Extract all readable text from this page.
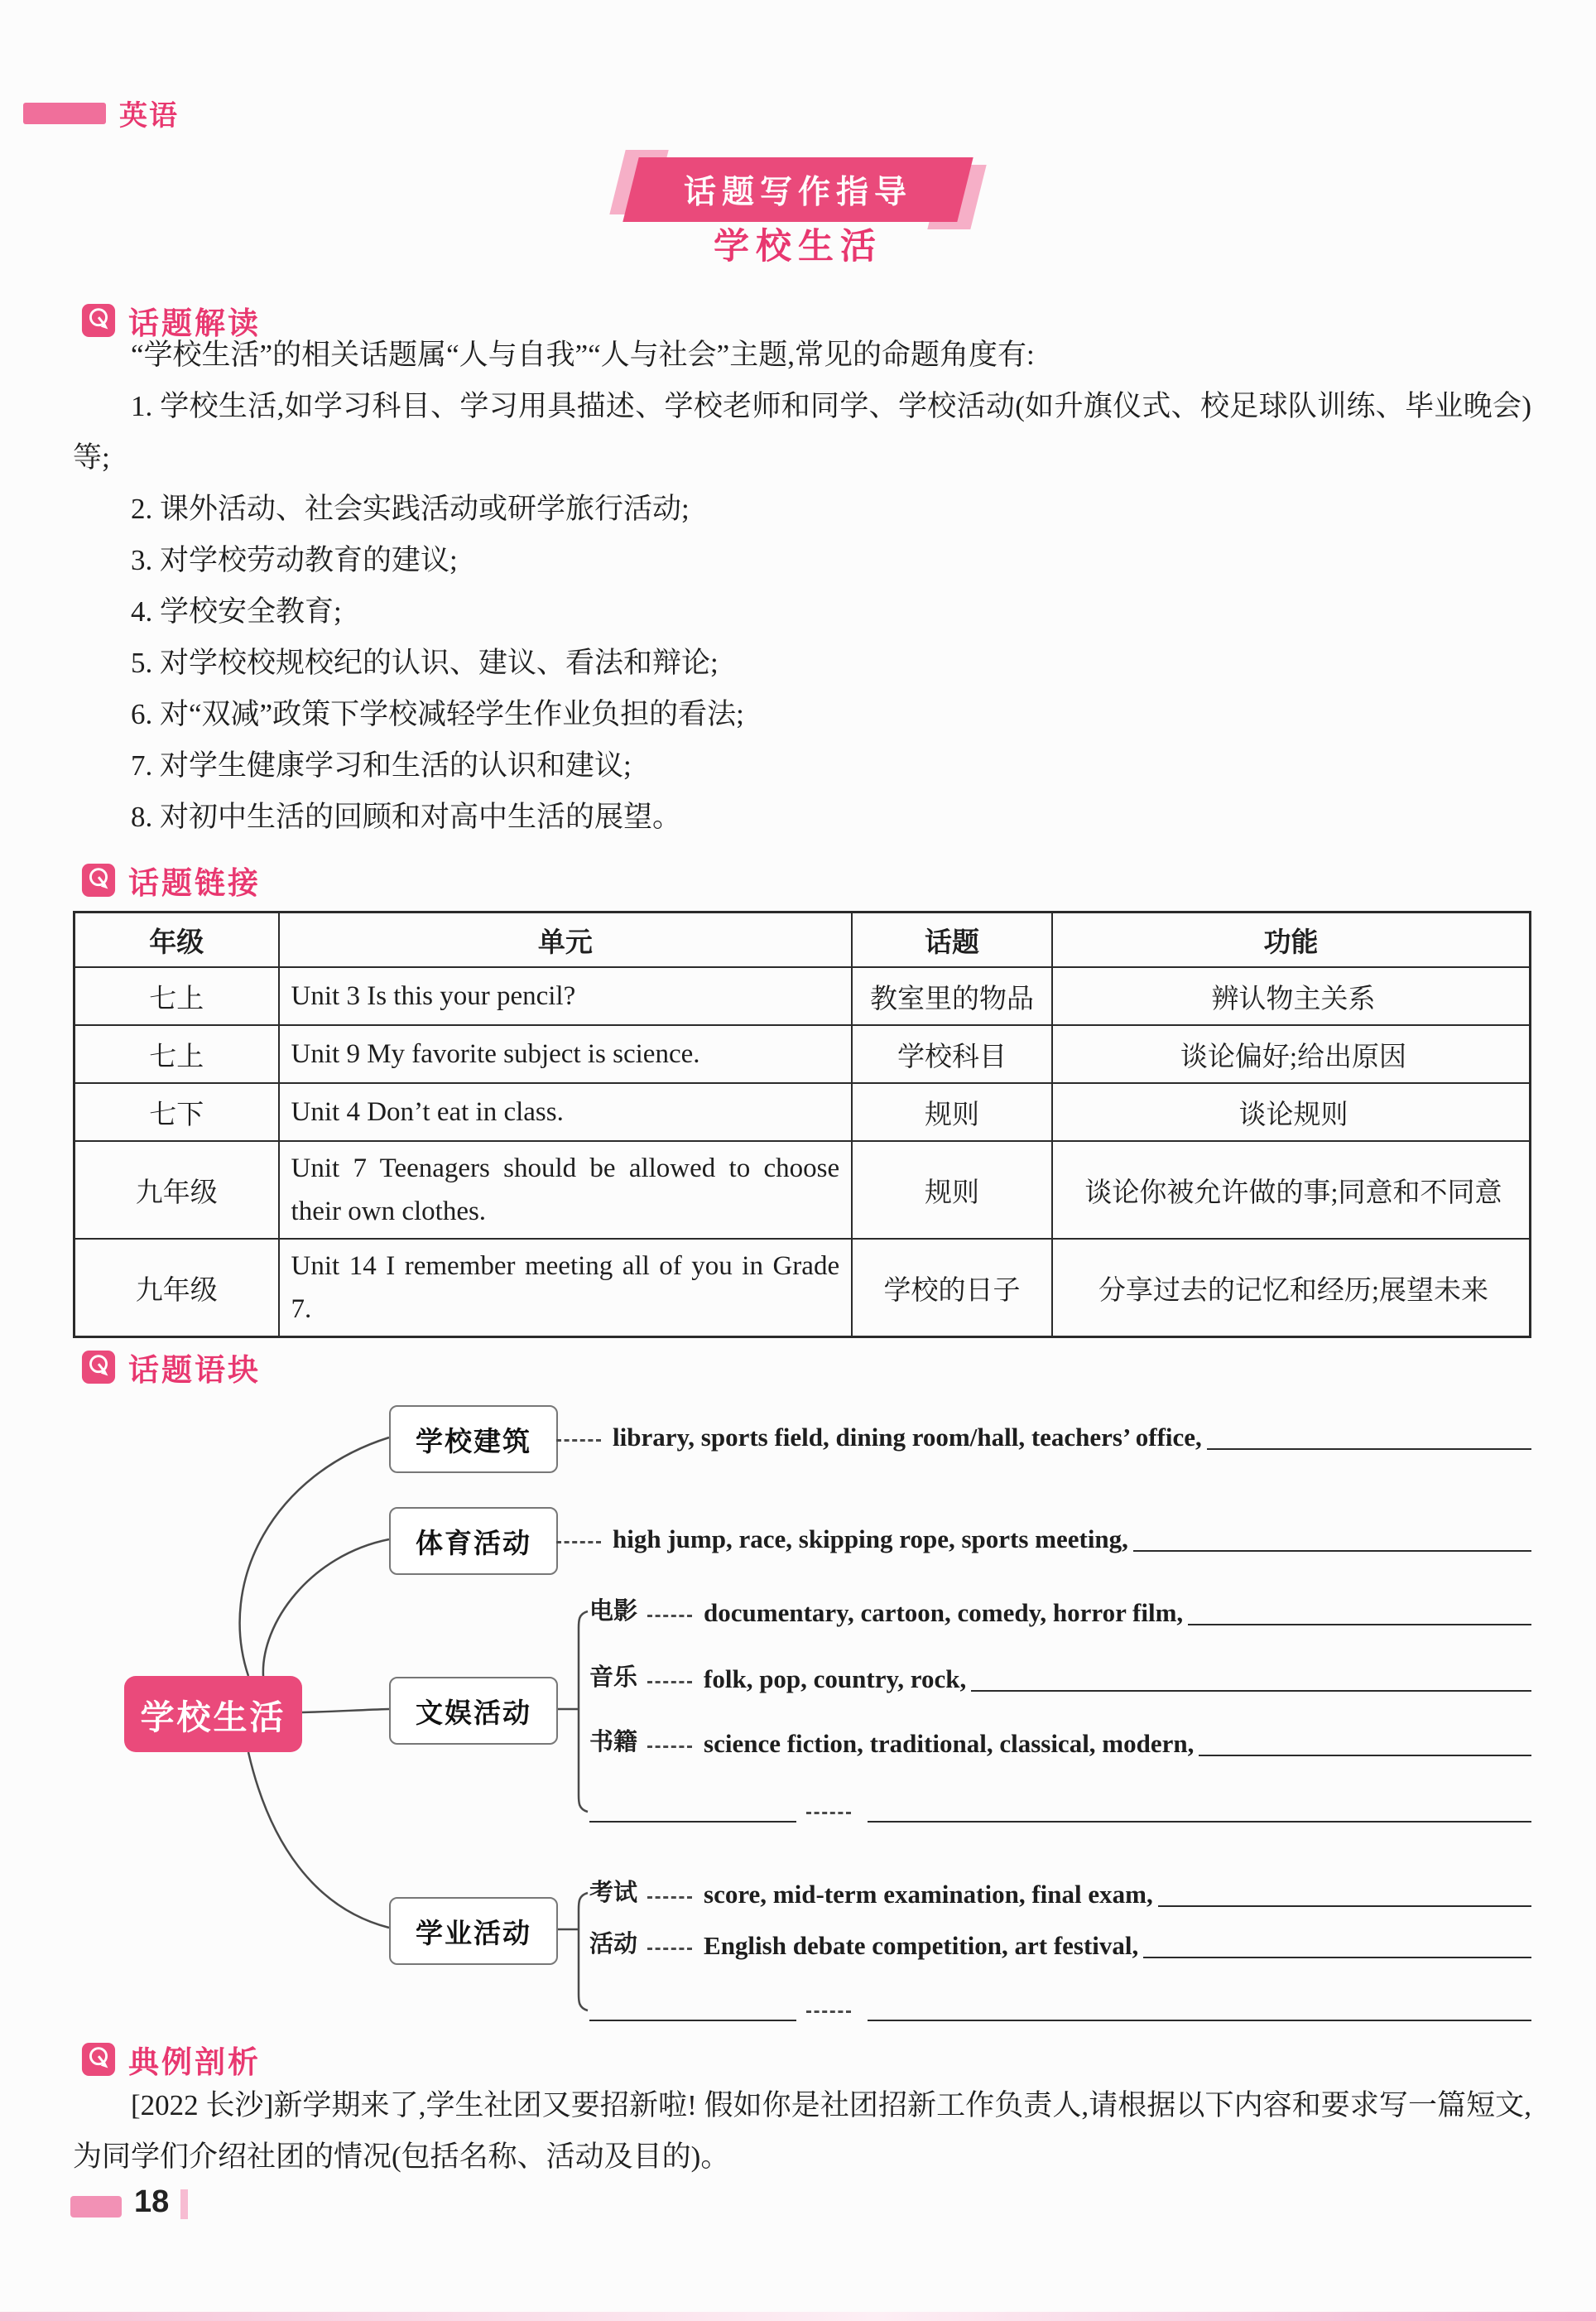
英语
话题写作指导
学校生活
话题解读

“学校生活”的相关话题属“人与自我”“人与社会”主题,常见的命题角度有:

1. 学校生活,如学习科目、学习用具描述、学校老师和同学、学校活动(如升旗仪式、校足球队训练、毕业晚会)等;

2. 课外活动、社会实践活动或研学旅行活动;

3. 对学校劳动教育的建议;

4. 学校安全教育;

5. 对学校校规校纪的认识、建议、看法和辩论;

6. 对“双减”政策下学校减轻学生作业负担的看法;

7. 对学生健康学习和生活的认识和建议;

8. 对初中生活的回顾和对高中生活的展望。

话题链接
年级	单元	话题	功能
七上	Unit 3 Is this your pencil?	教室里的物品	辨认物主关系
七上	Unit 9 My favorite subject is science.	学校科目	谈论偏好;给出原因
七下	Unit 4 Don’t eat in class.	规则	谈论规则
九年级	Unit 7 Teenagers should be allowed to choose their own clothes.	规则	谈论你被允许做的事;同意和不同意
九年级	Unit 14 I remember meeting all of you in Grade 7.	学校的日子	分享过去的记忆和经历;展望未来
话题语块
学校生活
学校建筑	library, sports field, dining room/hall, teachers’ office,
体育活动	high jump, race, skipping rope, sports meeting,
文娱活动
电影	documentary, cartoon, comedy, horror film,
音乐	folk, pop, country, rock,
书籍	science fiction, traditional, classical, modern,
学业活动
考试	score, mid-term examination, final exam,
活动	English debate competition, art festival,
典例剖析

[2022 长沙]新学期来了,学生社团又要招新啦! 假如你是社团招新工作负责人,请根据以下内容和要求写一篇短文,为同学们介绍社团的情况(包括名称、活动及目的)。

18
